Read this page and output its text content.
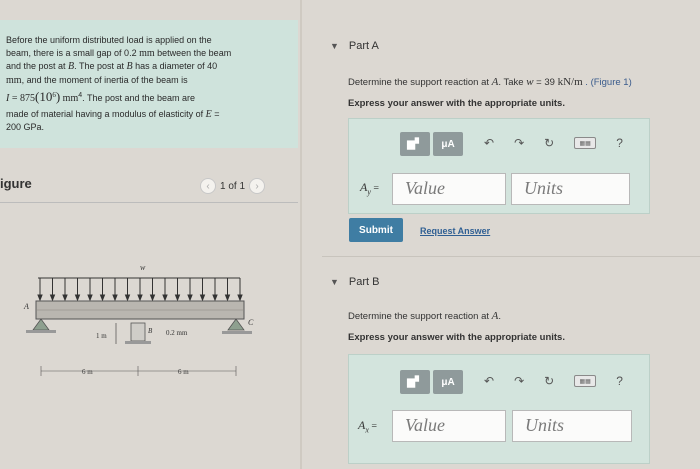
Before the uniform distributed load is applied on the
beam, there is a small gap of 0.2 mm between the beam
and the post at B. The post at B has a diameter of 40
mm, and the moment of inertia of the beam is
$I = 875(10^6)$ $mm^4$. The post and the beam are
made of material having a modulus of elasticity of E =
200 GPa.
igure	‹	1 of 1	›
w
A
C
B 0.2 mm
1 m
6 m	6 m
▼ Part A
Determine the support reaction at A. Take w = 39 kN/m . (Figure 1)
Express your answer with the appropriate units.
▆▘	μA	↶ ↷ ↻	▦▦	?
$A_y$ =	Value	Units
Submit	Request Answer
▼ Part B
Determine the support reaction at A.
Express your answer with the appropriate units.
▆▘	μA	↶ ↷ ↻	▦▦	?
$A_x$ =	Value	Units
